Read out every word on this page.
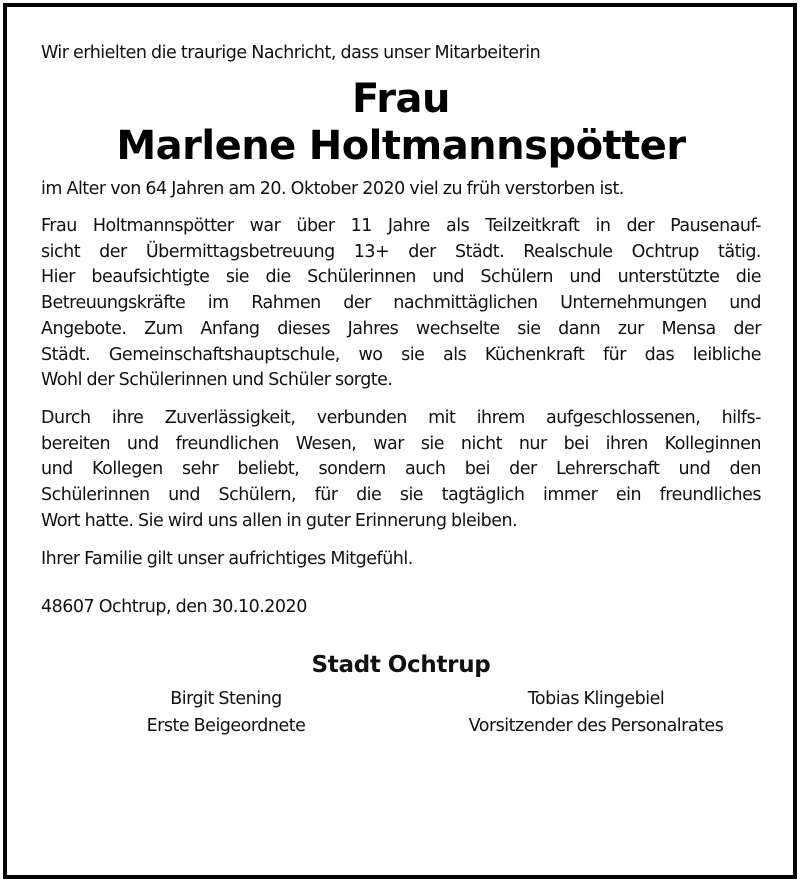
Wir erhielten die traurige Nachricht, dass unser Mitarbeiterin
Frau
Marlene Holtmannspötter
im Alter von 64 Jahren am 20. Oktober 2020 viel zu früh verstorben ist.
Frau Holtmannspötter war über 11 Jahre als Teilzeitkraft in der Pausenauf-
sicht der Übermittagsbetreuung 13+ der Städt. Realschule Ochtrup tätig.
Hier beaufsichtigte sie die Schülerinnen und Schülern und unterstützte die
Betreuungskräfte im Rahmen der nachmittäglichen Unternehmungen und
Angebote. Zum Anfang dieses Jahres wechselte sie dann zur Mensa der
Städt. Gemeinschaftshauptschule, wo sie als Küchenkraft für das leibliche
Wohl der Schülerinnen und Schüler sorgte.
Durch ihre Zuverlässigkeit, verbunden mit ihrem aufgeschlossenen, hilfs-
bereiten und freundlichen Wesen, war sie nicht nur bei ihren Kolleginnen
und Kollegen sehr beliebt, sondern auch bei der Lehrerschaft und den
Schülerinnen und Schülern, für die sie tagtäglich immer ein freundliches
Wort hatte. Sie wird uns allen in guter Erinnerung bleiben.
Ihrer Familie gilt unser aufrichtiges Mitgefühl.
48607 Ochtrup, den 30.10.2020
Stadt Ochtrup
Birgit Stening
Erste Beigeordnete
Tobias Klingebiel
Vorsitzender des Personalrates
